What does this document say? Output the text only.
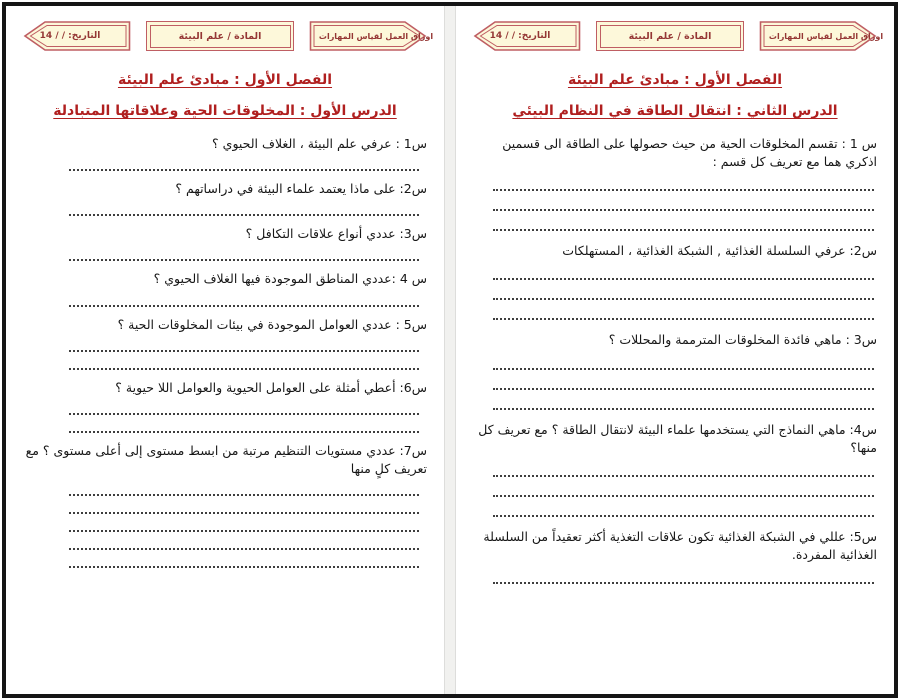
اوراق العمل لقياس المهارات
المادة / علم البيئة
التاريخ: / / 14
الفصل الأول : مبادئ علم البيئة
الدرس الأول : المخلوقات الحية وعلاقاتها المتبادلة
س1 : عرفي علم البيئة ، الغلاف الحيوي ؟
س2: على ماذا يعتمد علماء البيئة في دراساتهم ؟
س3: عددي أنواع علاقات التكافل ؟
س 4 :عددي المناطق الموجودة فيها الغلاف الحيوي ؟
س5 : عددي العوامل الموجودة في بيئات المخلوقات الحية ؟
س6: أعطي أمثلة على العوامل الحيوية والعوامل اللا حيوية ؟
س7: عددي مستويات التنظيم مرتبة من ابسط مستوى إلى أعلى مستوى ؟ مع تعريف كلٍ منها
اوراق العمل لقياس المهارات
المادة / علم البيئة
التاريخ: / / 14
الفصل الأول : مبادئ علم البيئة
الدرس الثاني : انتقال الطاقة في النظام البيئي
س 1 : تقسم المخلوقات الحية من حيث حصولها على الطاقة الى قسمين اذكري هما مع تعريف كل قسم :
س2: عرفي السلسلة الغذائية , الشبكة الغذائية ، المستهلكات
س3 : ماهي فائدة المخلوقات المترممة والمحللات ؟
س4: ماهي النماذج التي يستخدمها علماء البيئة لانتقال الطاقة ؟ مع تعريف كل منها؟
س5: عللي في الشبكة الغذائية تكون علاقات التغذية أكثر تعقيداً من السلسلة الغذائية المفردة.
